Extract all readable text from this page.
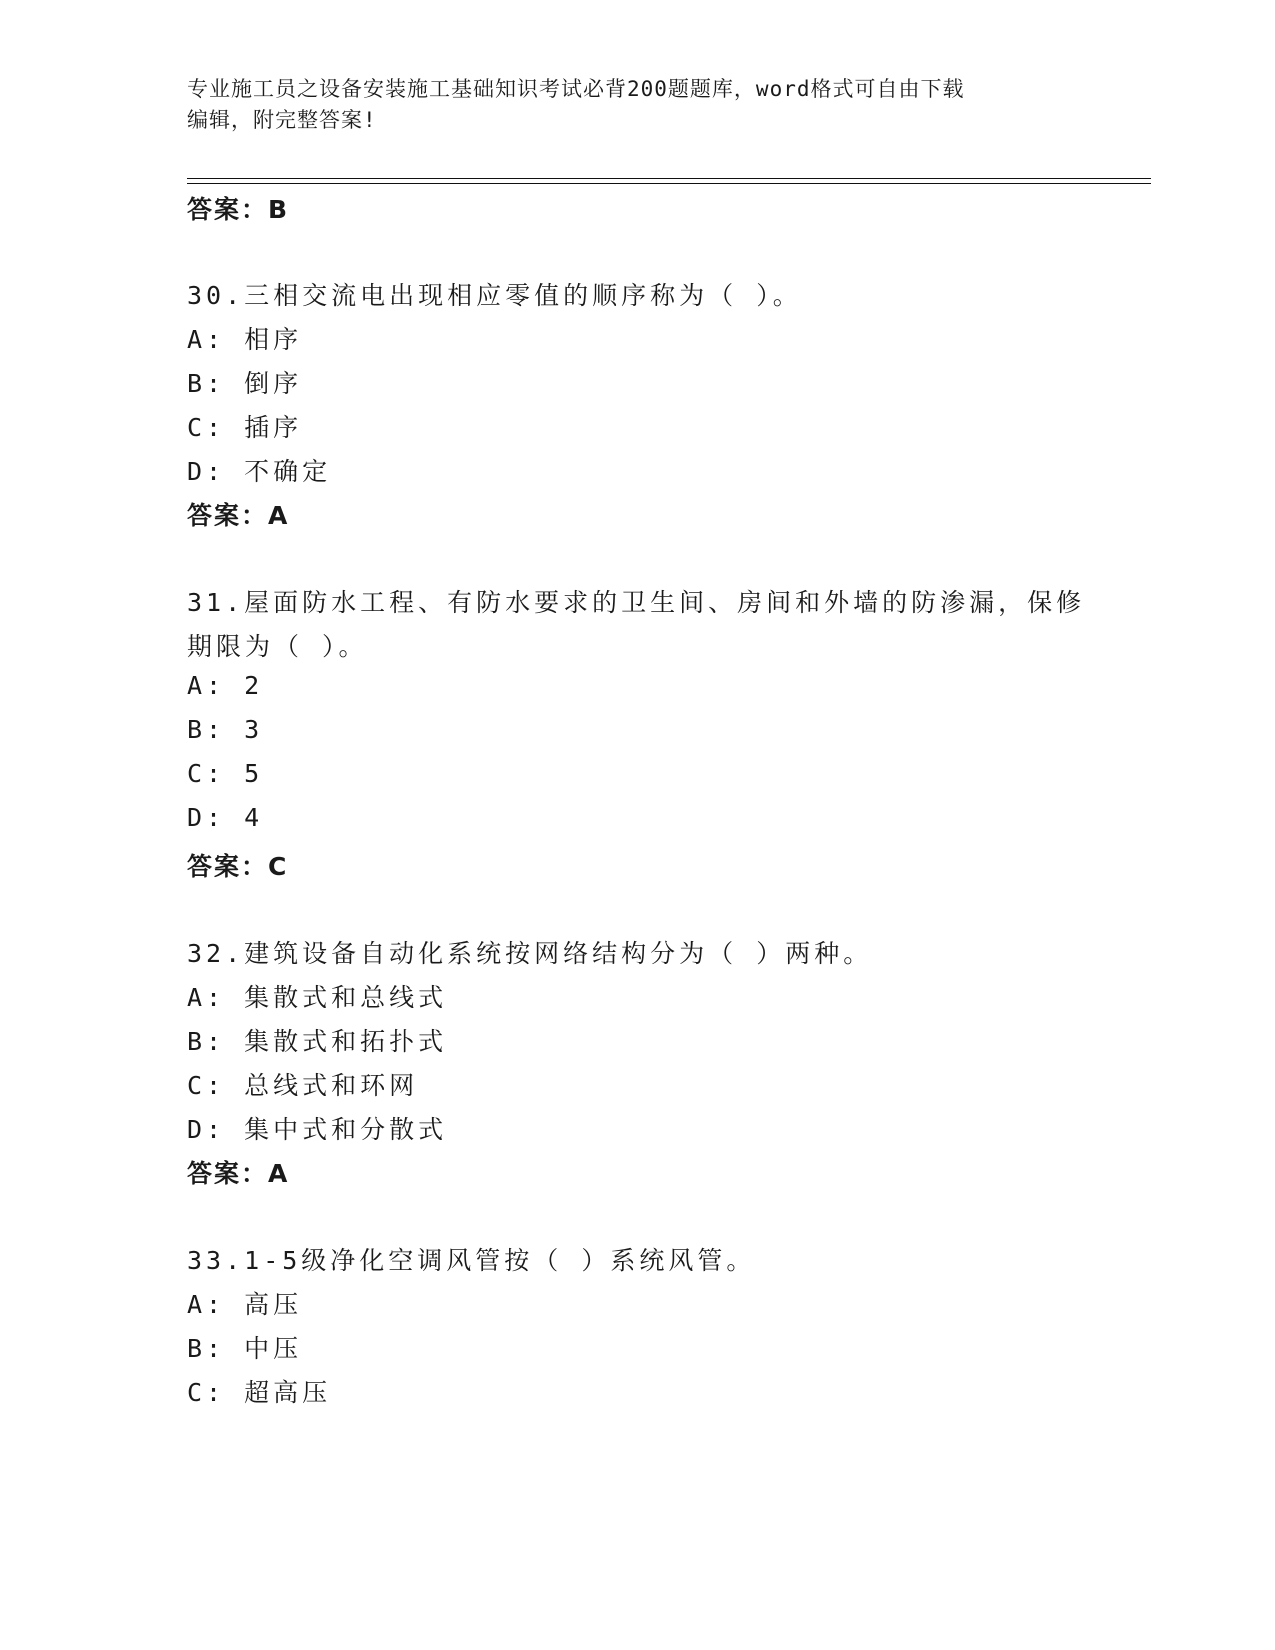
专业施工员之设备安装施工基础知识考试必背200题题库，word格式可自由下载
编辑，附完整答案!
答案：B
30.三相交流电出现相应零值的顺序称为（ ）。
A: 相序
B: 倒序
C: 插序
D: 不确定
答案：A
31.屋面防水工程、有防水要求的卫生间、房间和外墙的防渗漏，保修
期限为（ ）。
A: 2
B: 3
C: 5
D: 4
答案：C
32.建筑设备自动化系统按网络结构分为（ ）两种。
A: 集散式和总线式
B: 集散式和拓扑式
C: 总线式和环网
D: 集中式和分散式
答案：A
33.1-5级净化空调风管按（ ）系统风管。
A: 高压
B: 中压
C: 超高压
